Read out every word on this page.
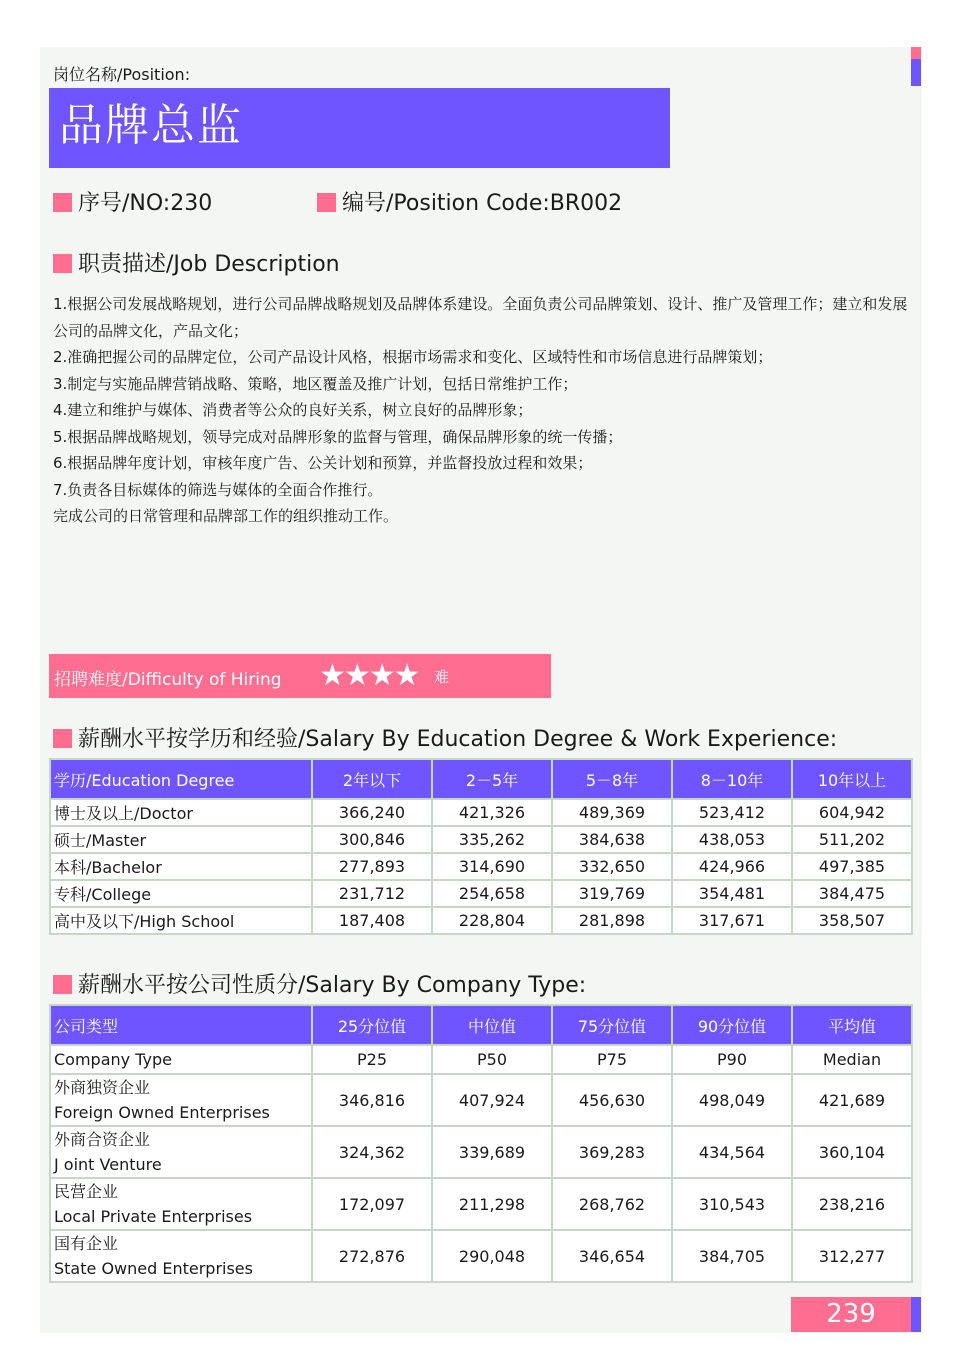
岗位名称/Position:
品牌总监
序号/NO:230	编号/Position Code:BR002
职责描述/Job Description

1.根据公司发展战略规划，进行公司品牌战略规划及品牌体系建设。全面负责公司品牌策划、设计、推广及管理工作；建立和发展公司的品牌文化，产品文化；

2.准确把握公司的品牌定位，公司产品设计风格，根据市场需求和变化、区域特性和市场信息进行品牌策划；

3.制定与实施品牌营销战略、策略，地区覆盖及推广计划，包括日常维护工作；

4.建立和维护与媒体、消费者等公众的良好关系，树立良好的品牌形象；

5.根据品牌战略规划，领导完成对品牌形象的监督与管理，确保品牌形象的统一传播；

6.根据品牌年度计划，审核年度广告、公关计划和预算，并监督投放过程和效果；

7.负责各目标媒体的筛选与媒体的全面合作推行。

完成公司的日常管理和品牌部工作的组织推动工作。

招聘难度/Difficulty of Hiring ★★★★ 难
薪酬水平按学历和经验/Salary By Education Degree & Work Experience:
学历/Education Degree	2年以下	2－5年	5－8年	8－10年	10年以上
博士及以上/Doctor	366,240	421,326	489,369	523,412	604,942
硕士/Master	300,846	335,262	384,638	438,053	511,202
本科/Bachelor	277,893	314,690	332,650	424,966	497,385
专科/College	231,712	254,658	319,769	354,481	384,475
高中及以下/High School	187,408	228,804	281,898	317,671	358,507
薪酬水平按公司性质分/Salary By Company Type:
公司类型	25分位值	中位值	75分位值	90分位值	平均值
Company Type	P25	P50	P75	P90	Median

外商独资企业
Foreign Owned Enterprises	346,816	407,924	456,630	498,049	421,689

外商合资企业
J oint Venture	324,362	339,689	369,283	434,564	360,104

民营企业
Local Private Enterprises	172,097	211,298	268,762	310,543	238,216

国有企业
State Owned Enterprises	272,876	290,048	346,654	384,705	312,277
239
